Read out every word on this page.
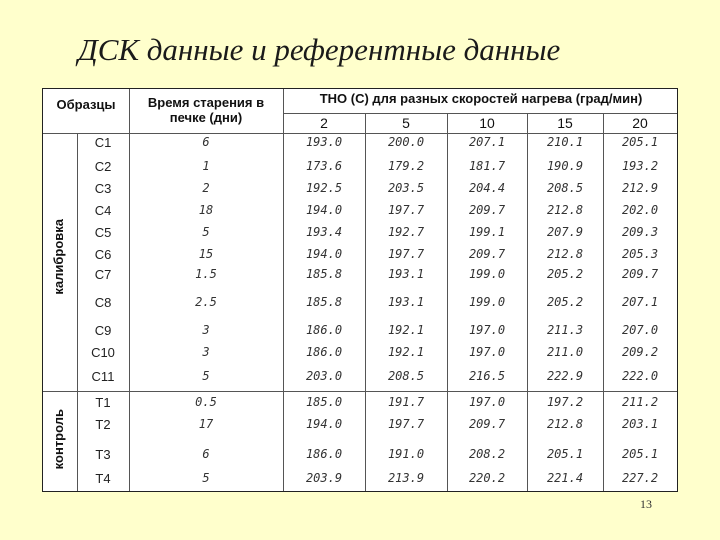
ДСК данные и референтные данные
Образцы	Время старения в печке (дни)
ТНО (С) для разных скоростей нагрева (град/мин)
2	5	10	15	20
калибровка
контроль
C1	6	193.0	200.0	207.1	210.1	205.1
C2	1	173.6	179.2	181.7	190.9	193.2
C3	2	192.5	203.5	204.4	208.5	212.9
C4	18	194.0	197.7	209.7	212.8	202.0
C5	5	193.4	192.7	199.1	207.9	209.3
C6	15	194.0	197.7	209.7	212.8	205.3
C7	1.5	185.8	193.1	199.0	205.2	209.7
C8	2.5	185.8	193.1	199.0	205.2	207.1
C9	3	186.0	192.1	197.0	211.3	207.0
C10	3	186.0	192.1	197.0	211.0	209.2
C11	5	203.0	208.5	216.5	222.9	222.0
T1	0.5	185.0	191.7	197.0	197.2	211.2
T2	17	194.0	197.7	209.7	212.8	203.1
T3	6	186.0	191.0	208.2	205.1	205.1
T4	5	203.9	213.9	220.2	221.4	227.2
13
